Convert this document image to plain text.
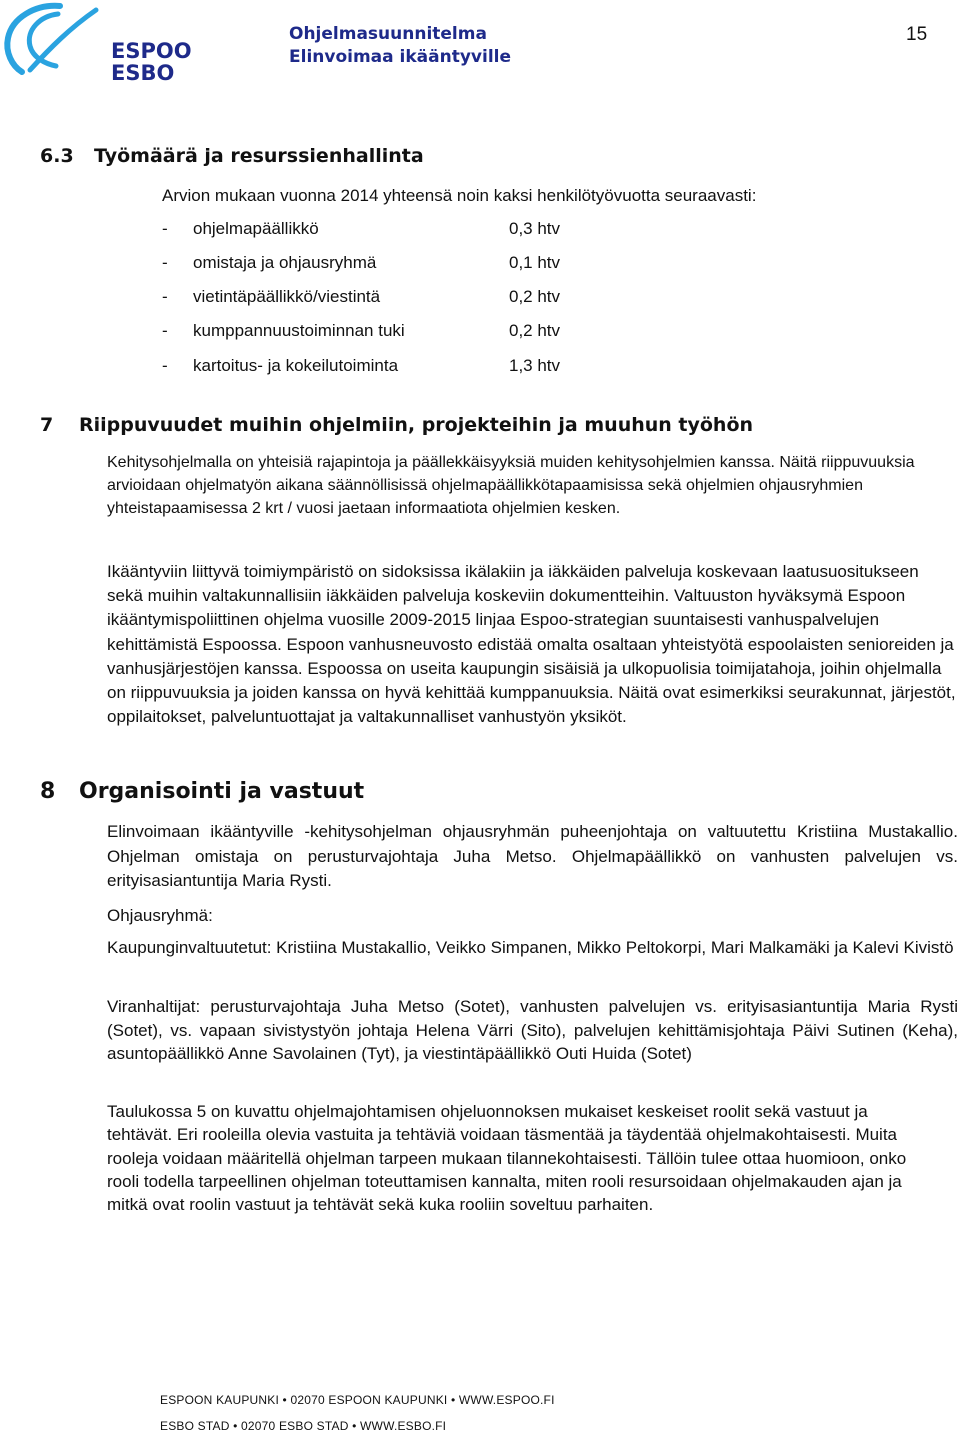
ESPOO
ESBO
Ohjelmasuunnitelma
Elinvoimaa ikääntyville
15
6.3 Työmäärä ja resurssienhallinta
Arvion mukaan vuonna 2014 yhteensä noin kaksi henkilötyövuotta seuraavasti:
- ohjelmapäällikkö	0,3 htv
- omistaja ja ohjausryhmä	0,1 htv
- vietintäpäällikkö/viestintä	0,2 htv
- kumppannuustoiminnan tuki	0,2 htv
- kartoitus- ja kokeilutoiminta	1,3 htv
7 Riippuvuudet muihin ohjelmiin, projekteihin ja muuhun työhön
Kehitysohjelmalla on yhteisiä rajapintoja ja päällekkäisyyksiä muiden kehitysohjelmien kanssa. Näitä riippuvuuksia arvioidaan ohjelmatyön aikana säännöllisissä ohjelmapäällikkötapaamisissa sekä ohjelmien ohjausryhmien yhteistapaamisessa 2 krt / vuosi jaetaan informaatiota ohjelmien kesken.
Ikääntyviin liittyvä toimiympäristö on sidoksissa ikälakiin ja iäkkäiden palveluja koskevaan laatusuositukseen sekä muihin valtakunnallisiin iäkkäiden palveluja koskeviin dokumentteihin. Valtuuston hyväksymä Espoon ikääntymispoliittinen ohjelma vuosille 2009-2015 linjaa Espoo-strategian suuntaisesti vanhuspalvelujen kehittämistä Espoossa. Espoon vanhusneuvosto edistää omalta osaltaan yhteistyötä espoolaisten senioreiden ja vanhusjärjestöjen kanssa. Espoossa on useita kaupungin sisäisiä ja ulkopuolisia toimijatahoja, joihin ohjelmalla on riippuvuuksia ja joiden kanssa on hyvä kehittää kumppanuuksia. Näitä ovat esimerkiksi seurakunnat, järjestöt, oppilaitokset, palveluntuottajat ja valtakunnalliset vanhustyön yksiköt.
8 Organisointi ja vastuut
Elinvoimaan ikääntyville -kehitysohjelman ohjausryhmän puheenjohtaja on valtuutettu Kristiina Mustakallio. Ohjelman omistaja on perusturvajohtaja Juha Metso. Ohjelmapäällikkö on vanhusten palvelujen vs. erityisasiantuntija Maria Rysti.
Ohjausryhmä:
Kaupunginvaltuutetut: Kristiina Mustakallio, Veikko Simpanen, Mikko Peltokorpi, Mari Malkamäki ja Kalevi Kivistö
Viranhaltijat: perusturvajohtaja Juha Metso (Sotet), vanhusten palvelujen vs. erityisasiantuntija Maria Rysti (Sotet), vs. vapaan sivistystyön johtaja Helena Värri (Sito), palvelujen kehittämisjohtaja Päivi Sutinen (Keha), asuntopäällikkö Anne Savolainen (Tyt), ja viestintäpäällikkö Outi Huida (Sotet)
Taulukossa 5 on kuvattu ohjelmajohtamisen ohjeluonnoksen mukaiset keskeiset roolit sekä vastuut ja tehtävät. Eri rooleilla olevia vastuita ja tehtäviä voidaan täsmentää ja täydentää ohjelmakohtaisesti. Muita rooleja voidaan määritellä ohjelman tarpeen mukaan tilannekohtaisesti. Tällöin tulee ottaa huomioon, onko rooli todella tarpeellinen ohjelman toteuttamisen kannalta, miten rooli resursoidaan ohjelmakauden ajan ja mitkä ovat roolin vastuut ja tehtävät sekä kuka rooliin soveltuu parhaiten.
ESPOON KAUPUNKI • 02070 ESPOON KAUPUNKI • WWW.ESPOO.FI
ESBO STAD • 02070 ESBO STAD • WWW.ESBO.FI
